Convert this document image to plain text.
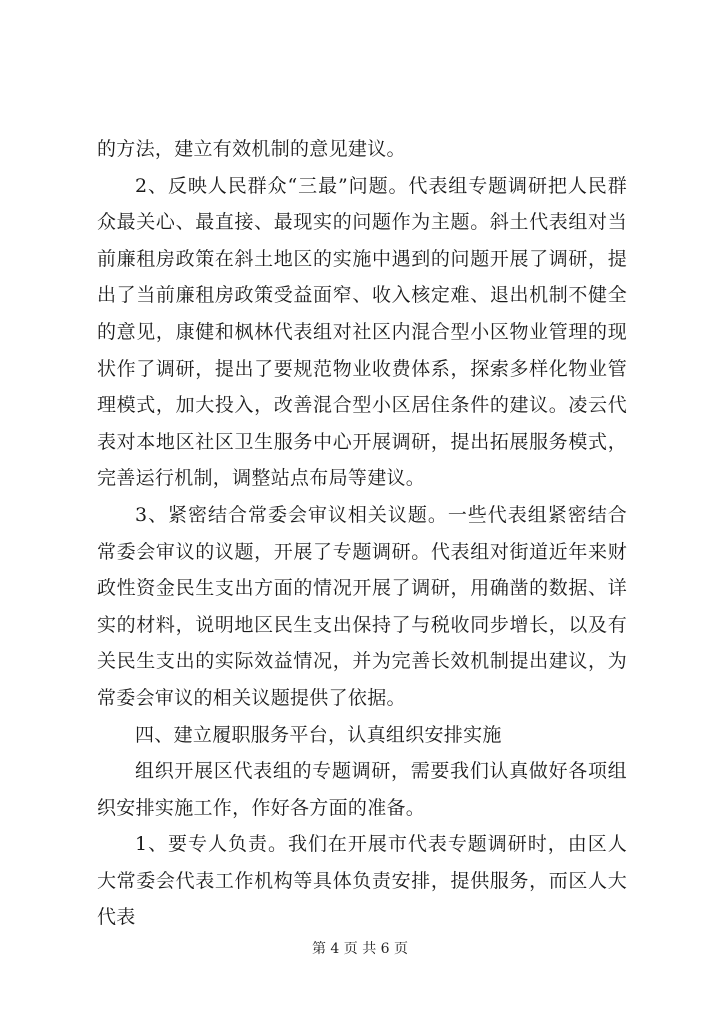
的方法，建立有效机制的意见建议。

2、反映人民群众“三最”问题。代表组专题调研把人民群众最关心、最直接、最现实的问题作为主题。斜土代表组对当前廉租房政策在斜土地区的实施中遇到的问题开展了调研，提出了当前廉租房政策受益面窄、收入核定难、退出机制不健全的意见，康健和枫林代表组对社区内混合型小区物业管理的现状作了调研，提出了要规范物业收费体系，探索多样化物业管理模式，加大投入，改善混合型小区居住条件的建议。凌云代表对本地区社区卫生服务中心开展调研，提出拓展服务模式，完善运行机制，调整站点布局等建议。

3、紧密结合常委会审议相关议题。一些代表组紧密结合常委会审议的议题，开展了专题调研。代表组对街道近年来财政性资金民生支出方面的情况开展了调研，用确凿的数据、详实的材料，说明地区民生支出保持了与税收同步增长，以及有关民生支出的实际效益情况，并为完善长效机制提出建议，为常委会审议的相关议题提供了依据。

四、建立履职服务平台，认真组织安排实施

组织开展区代表组的专题调研，需要我们认真做好各项组织安排实施工作，作好各方面的准备。

1、要专人负责。我们在开展市代表专题调研时，由区人大常委会代表工作机构等具体负责安排，提供服务，而区人大代表

第 4 页 共 6 页
